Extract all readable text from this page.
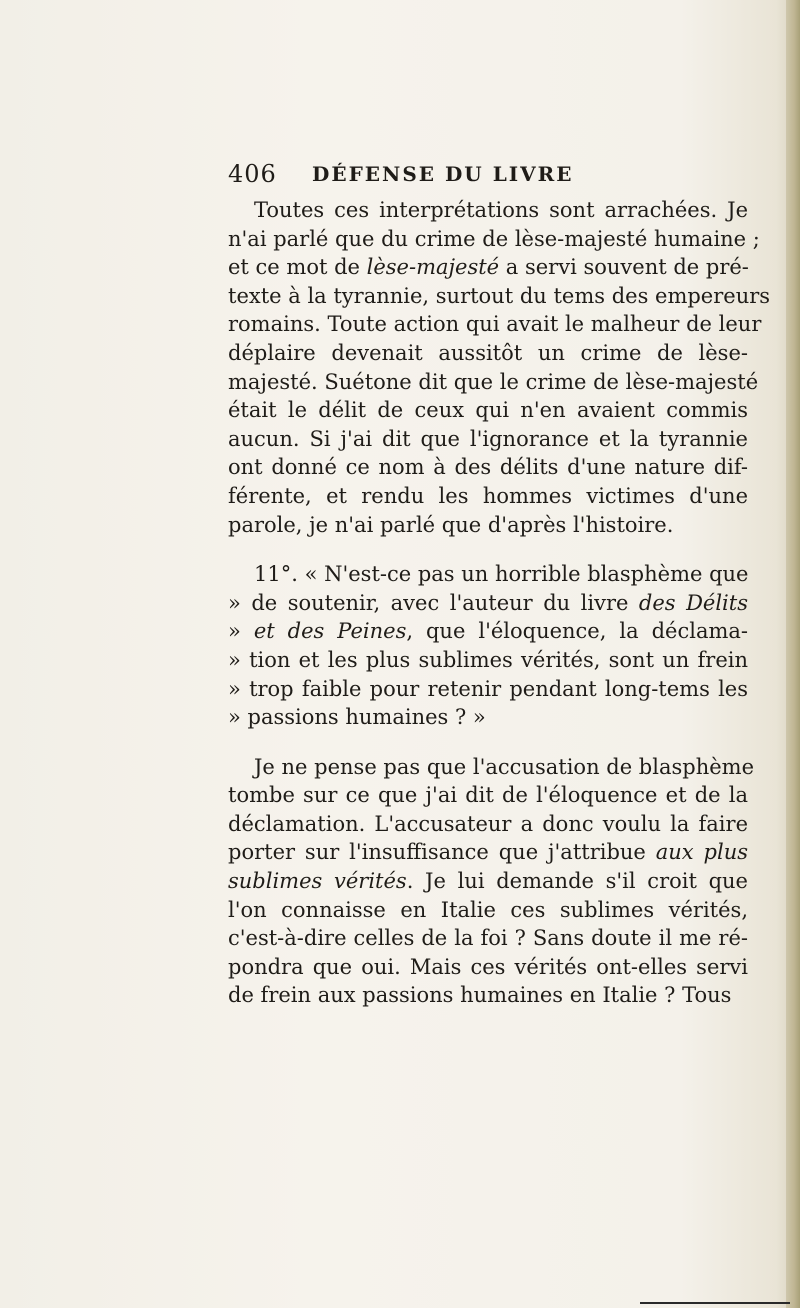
406 DÉFENSE DU LIVRE
Toutes ces interprétations sont arrachées. Je
n'ai parlé que du crime de lèse-majesté humaine ;
et ce mot de lèse-majesté a servi souvent de pré-
texte à la tyrannie, surtout du tems des empereurs
romains. Toute action qui avait le malheur de leur
déplaire devenait aussitôt un crime de lèse-
majesté. Suétone dit que le crime de lèse-majesté
était le délit de ceux qui n'en avaient commis
aucun. Si j'ai dit que l'ignorance et la tyrannie
ont donné ce nom à des délits d'une nature dif-
férente, et rendu les hommes victimes d'une
parole, je n'ai parlé que d'après l'histoire.
11°. « N'est-ce pas un horrible blasphème que
» de soutenir, avec l'auteur du livre des Délits
» et des Peines, que l'éloquence, la déclama-
» tion et les plus sublimes vérités, sont un frein
» trop faible pour retenir pendant long-tems les
» passions humaines ? »
Je ne pense pas que l'accusation de blasphème
tombe sur ce que j'ai dit de l'éloquence et de la
déclamation. L'accusateur a donc voulu la faire
porter sur l'insuffisance que j'attribue aux plus
sublimes vérités. Je lui demande s'il croit que
l'on connaisse en Italie ces sublimes vérités,
c'est-à-dire celles de la foi ? Sans doute il me ré-
pondra que oui. Mais ces vérités ont-elles servi
de frein aux passions humaines en Italie ? Tous
